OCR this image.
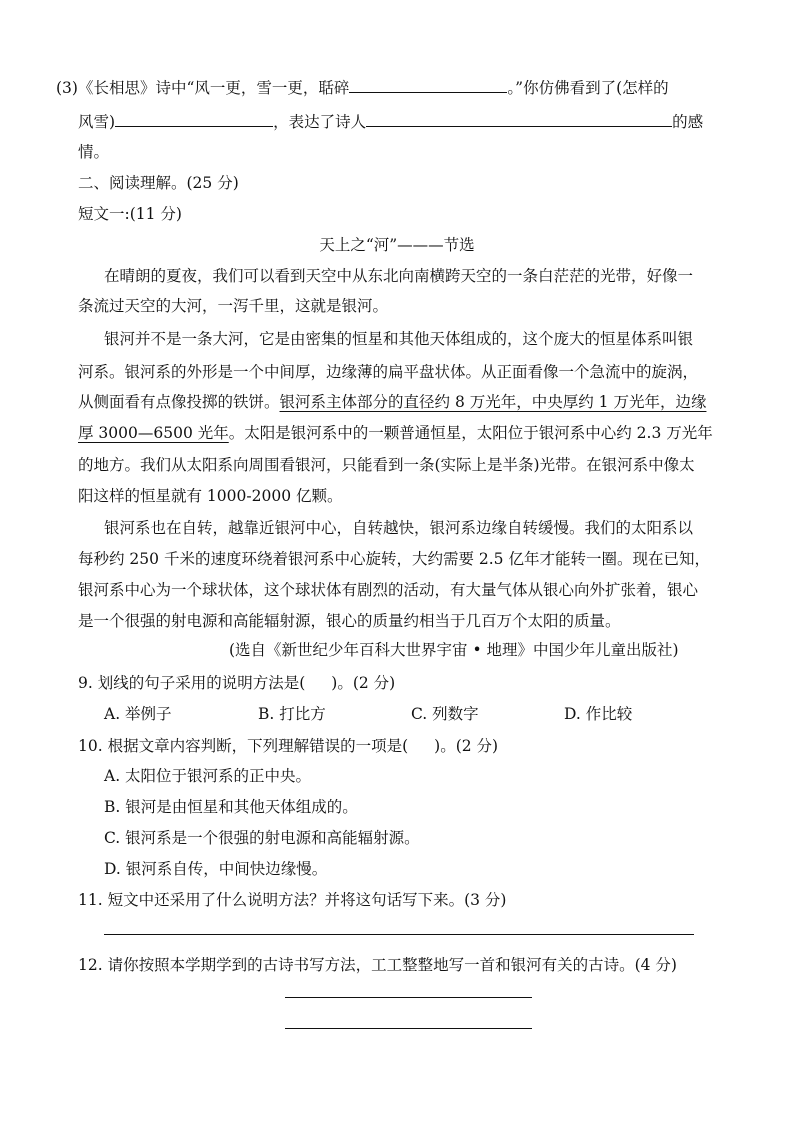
(3)《长相思》诗中“风一更，雪一更，聒碎	。”你仿佛看到了(怎样的
风雪)	，表达了诗人	的感
情。
二、阅读理解。(25 分)
短文一:(11 分)
天上之“河”———节选
在晴朗的夏夜，我们可以看到天空中从东北向南横跨天空的一条白茫茫的光带，好像一
条流过天空的大河，一泻千里，这就是银河。
银河并不是一条大河，它是由密集的恒星和其他天体组成的，这个庞大的恒星体系叫银
河系。银河系的外形是一个中间厚，边缘薄的扁平盘状体。从正面看像一个急流中的旋涡，
从侧面看有点像投掷的铁饼。银河系主体部分的直径约 8 万光年，中央厚约 1 万光年，边缘
厚 3000—6500 光年。太阳是银河系中的一颗普通恒星，太阳位于银河系中心约 2.3 万光年
的地方。我们从太阳系向周围看银河，只能看到一条(实际上是半条)光带。在银河系中像太
阳这样的恒星就有 1000-2000 亿颗。
银河系也在自转，越靠近银河中心，自转越快，银河系边缘自转缓慢。我们的太阳系以
每秒约 250 千米的速度环绕着银河系中心旋转，大约需要 2.5 亿年才能转一圈。现在已知，
银河系中心为一个球状体，这个球状体有剧烈的活动，有大量气体从银心向外扩张着，银心
是一个很强的射电源和高能辐射源，银心的质量约相当于几百万个太阳的质量。
(选自《新世纪少年百科大世界宇宙 • 地理》中国少年儿童出版社)
9. 划线的句子采用的说明方法是( )。(2 分)
A. 举例子	B. 打比方	C. 列数字	D. 作比较
10. 根据文章内容判断，下列理解错误的一项是( )。(2 分)
A. 太阳位于银河系的正中央。
B. 银河是由恒星和其他天体组成的。
C. 银河系是一个很强的射电源和高能辐射源。
D. 银河系自传，中间快边缘慢。
11. 短文中还采用了什么说明方法？并将这句话写下来。(3 分)
12. 请你按照本学期学到的古诗书写方法，工工整整地写一首和银河有关的古诗。(4 分)
